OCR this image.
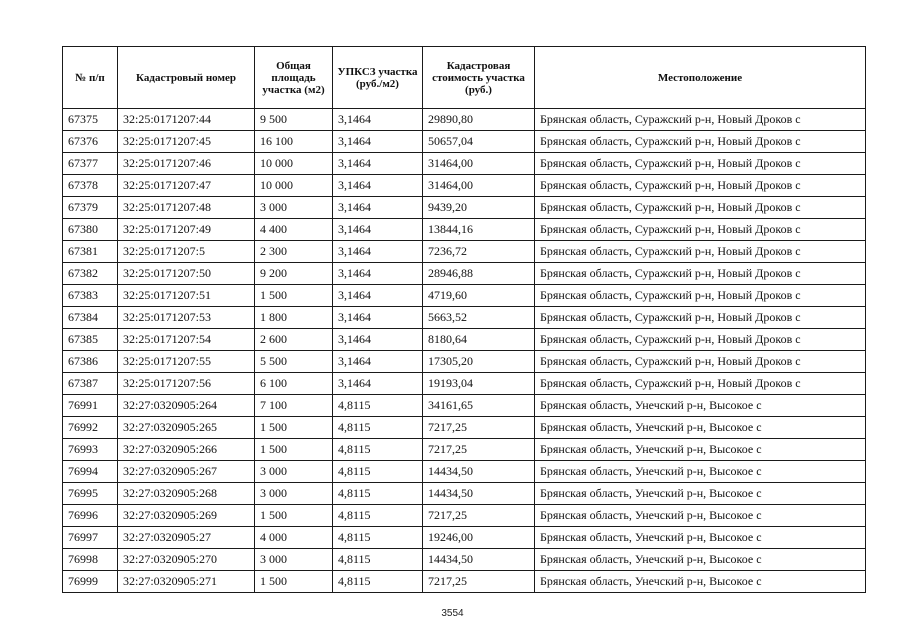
№ п/п	Кадастровый номер	Общая площадь участка (м2)	УПКСЗ участка (руб./м2)	Кадастровая стоимость участка (руб.)	Местоположение
67375	32:25:0171207:44	9 500	3,1464	29890,80	Брянская область, Суражский р-н, Новый Дроков с
67376	32:25:0171207:45	16 100	3,1464	50657,04	Брянская область, Суражский р-н, Новый Дроков с
67377	32:25:0171207:46	10 000	3,1464	31464,00	Брянская область, Суражский р-н, Новый Дроков с
67378	32:25:0171207:47	10 000	3,1464	31464,00	Брянская область, Суражский р-н, Новый Дроков с
67379	32:25:0171207:48	3 000	3,1464	9439,20	Брянская область, Суражский р-н, Новый Дроков с
67380	32:25:0171207:49	4 400	3,1464	13844,16	Брянская область, Суражский р-н, Новый Дроков с
67381	32:25:0171207:5	2 300	3,1464	7236,72	Брянская область, Суражский р-н, Новый Дроков с
67382	32:25:0171207:50	9 200	3,1464	28946,88	Брянская область, Суражский р-н, Новый Дроков с
67383	32:25:0171207:51	1 500	3,1464	4719,60	Брянская область, Суражский р-н, Новый Дроков с
67384	32:25:0171207:53	1 800	3,1464	5663,52	Брянская область, Суражский р-н, Новый Дроков с
67385	32:25:0171207:54	2 600	3,1464	8180,64	Брянская область, Суражский р-н, Новый Дроков с
67386	32:25:0171207:55	5 500	3,1464	17305,20	Брянская область, Суражский р-н, Новый Дроков с
67387	32:25:0171207:56	6 100	3,1464	19193,04	Брянская область, Суражский р-н, Новый Дроков с
76991	32:27:0320905:264	7 100	4,8115	34161,65	Брянская область, Унечский р-н, Высокое с
76992	32:27:0320905:265	1 500	4,8115	7217,25	Брянская область, Унечский р-н, Высокое с
76993	32:27:0320905:266	1 500	4,8115	7217,25	Брянская область, Унечский р-н, Высокое с
76994	32:27:0320905:267	3 000	4,8115	14434,50	Брянская область, Унечский р-н, Высокое с
76995	32:27:0320905:268	3 000	4,8115	14434,50	Брянская область, Унечский р-н, Высокое с
76996	32:27:0320905:269	1 500	4,8115	7217,25	Брянская область, Унечский р-н, Высокое с
76997	32:27:0320905:27	4 000	4,8115	19246,00	Брянская область, Унечский р-н, Высокое с
76998	32:27:0320905:270	3 000	4,8115	14434,50	Брянская область, Унечский р-н, Высокое с
76999	32:27:0320905:271	1 500	4,8115	7217,25	Брянская область, Унечский р-н, Высокое с
3554
